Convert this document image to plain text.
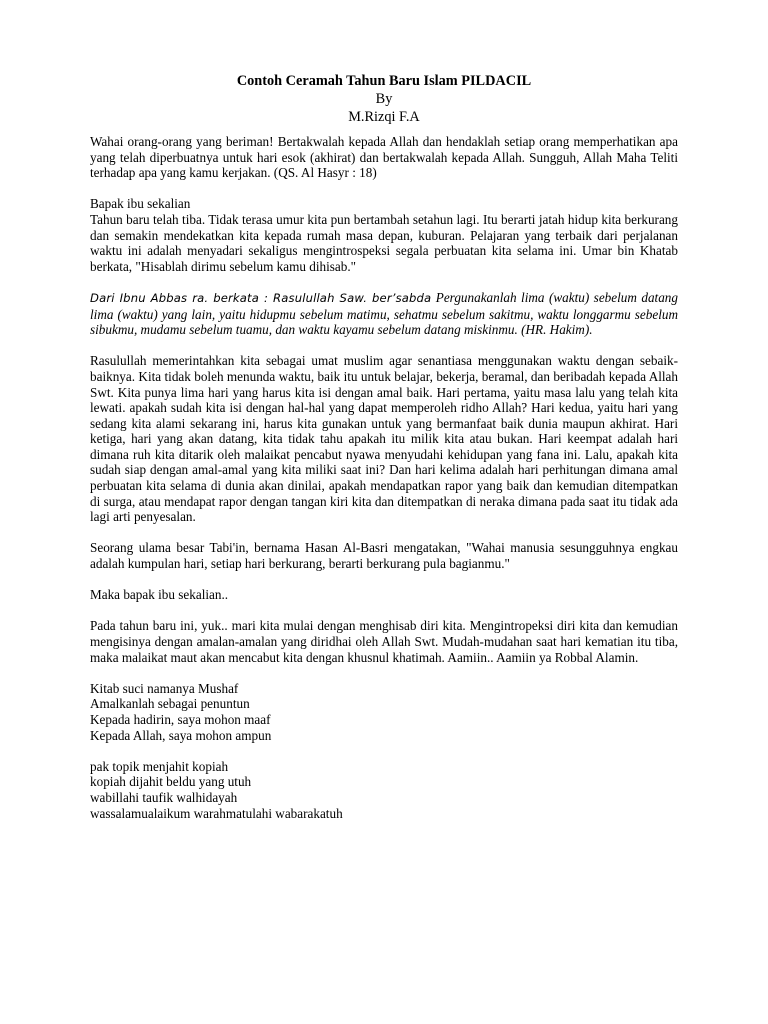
Contoh Ceramah Tahun Baru Islam PILDACIL
By
M.Rizqi F.A

Wahai orang-orang yang beriman! Bertakwalah kepada Allah dan hendaklah setiap orang memperhatikan apa yang telah diperbuatnya untuk hari esok (akhirat) dan bertakwalah kepada Allah. Sungguh, Allah Maha Teliti terhadap apa yang kamu kerjakan. (QS. Al Hasyr : 18)

Bapak ibu sekalian
Tahun baru telah tiba. Tidak terasa umur kita pun bertambah setahun lagi. Itu berarti jatah hidup kita berkurang dan semakin mendekatkan kita kepada rumah masa depan, kuburan. Pelajaran yang terbaik dari perjalanan waktu ini adalah menyadari sekaligus mengintrospeksi segala perbuatan kita selama ini. Umar bin Khatab berkata, "Hisablah dirimu sebelum kamu dihisab."

Dari Ibnu Abbas ra. berkata : Rasulullah Saw. ber’sabda Pergunakanlah lima (waktu) sebelum datang lima (waktu) yang lain, yaitu hidupmu sebelum matimu, sehatmu sebelum sakitmu, waktu longgarmu sebelum sibukmu, mudamu sebelum tuamu, dan waktu kayamu sebelum datang miskinmu. (HR. Hakim).

Rasulullah memerintahkan kita sebagai umat muslim agar senantiasa menggunakan waktu dengan sebaik-baiknya. Kita tidak boleh menunda waktu, baik itu untuk belajar, bekerja, beramal, dan beribadah kepada Allah Swt. Kita punya lima hari yang harus kita isi dengan amal baik. Hari pertama, yaitu masa lalu yang telah kita lewati. apakah sudah kita isi dengan hal-hal yang dapat memperoleh ridho Allah? Hari kedua, yaitu hari yang sedang kita alami sekarang ini, harus kita gunakan untuk yang bermanfaat baik dunia maupun akhirat. Hari ketiga, hari yang akan datang, kita tidak tahu apakah itu milik kita atau bukan. Hari keempat adalah hari dimana ruh kita ditarik oleh malaikat pencabut nyawa menyudahi kehidupan yang fana ini. Lalu, apakah kita sudah siap dengan amal-amal yang kita miliki saat ini? Dan hari kelima adalah hari perhitungan dimana amal perbuatan kita selama di dunia akan dinilai, apakah mendapatkan rapor yang baik dan kemudian ditempatkan di surga, atau mendapat rapor dengan tangan kiri kita dan ditempatkan di neraka dimana pada saat itu tidak ada lagi arti penyesalan.

Seorang ulama besar Tabi'in, bernama Hasan Al-Basri mengatakan, "Wahai manusia sesungguhnya engkau adalah kumpulan hari, setiap hari berkurang, berarti berkurang pula bagianmu."

Maka bapak ibu sekalian..

Pada tahun baru ini, yuk.. mari kita mulai dengan menghisab diri kita. Mengintropeksi diri kita dan kemudian mengisinya dengan amalan-amalan yang diridhai oleh Allah Swt. Mudah-mudahan saat hari kematian itu tiba, maka malaikat maut akan mencabut kita dengan khusnul khatimah. Aamiin.. Aamiin ya Robbal Alamin.

Kitab suci namanya Mushaf
Amalkanlah sebagai penuntun
Kepada hadirin, saya mohon maaf
Kepada Allah, saya mohon ampun

pak topik menjahit kopiah
kopiah dijahit beldu yang utuh
wabillahi taufik walhidayah
wassalamualaikum warahmatulahi wabarakatuh
